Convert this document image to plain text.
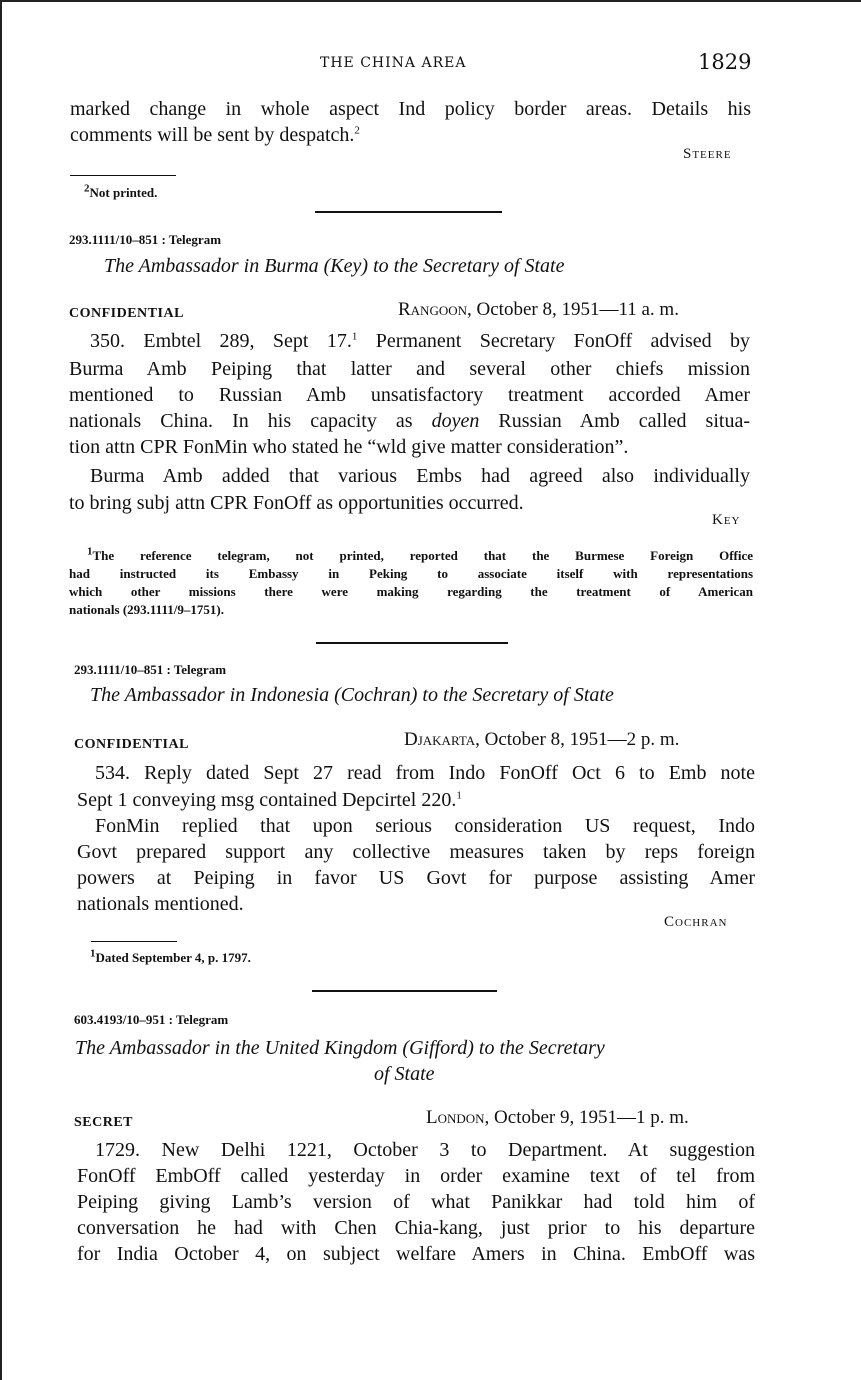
THE CHINA AREA	1829
marked change in whole aspect Ind policy border areas. Details his
comments will be sent by despatch.$^2$
Steere
$^2$Not printed.
293.1111/10–851 : Telegram
The Ambassador in Burma (Key) to the Secretary of State
CONFIDENTIAL	Rangoon, October 8, 1951—11 a. m.
350. Embtel 289, Sept 17.$^1$ Permanent Secretary FonOff advised by
Burma Amb Peiping that latter and several other chiefs mission
mentioned to Russian Amb unsatisfactory treatment accorded Amer
nationals China. In his capacity as doyen Russian Amb called situa-
tion attn CPR FonMin who stated he “wld give matter consideration”.
Burma Amb added that various Embs had agreed also individually
to bring subj attn CPR FonOff as opportunities occurred.
Key
$^1$The reference telegram, not printed, reported that the Burmese Foreign Office
had instructed its Embassy in Peking to associate itself with representations
which other missions there were making regarding the treatment of American
nationals (293.1111/9–1751).
293.1111/10–851 : Telegram
The Ambassador in Indonesia (Cochran) to the Secretary of State
CONFIDENTIAL	Djakarta, October 8, 1951—2 p. m.
534. Reply dated Sept 27 read from Indo FonOff Oct 6 to Emb note
Sept 1 conveying msg contained Depcirtel 220.$^1$
FonMin replied that upon serious consideration US request, Indo
Govt prepared support any collective measures taken by reps foreign
powers at Peiping in favor US Govt for purpose assisting Amer
nationals mentioned.
Cochran
$^1$Dated September 4, p. 1797.
603.4193/10–951 : Telegram
The Ambassador in the United Kingdom (Gifford) to the Secretary
of State
SECRET	London, October 9, 1951—1 p. m.
1729. New Delhi 1221, October 3 to Department. At suggestion
FonOff EmbOff called yesterday in order examine text of tel from
Peiping giving Lamb’s version of what Panikkar had told him of
conversation he had with Chen Chia-kang, just prior to his departure
for India October 4, on subject welfare Amers in China. EmbOff was
